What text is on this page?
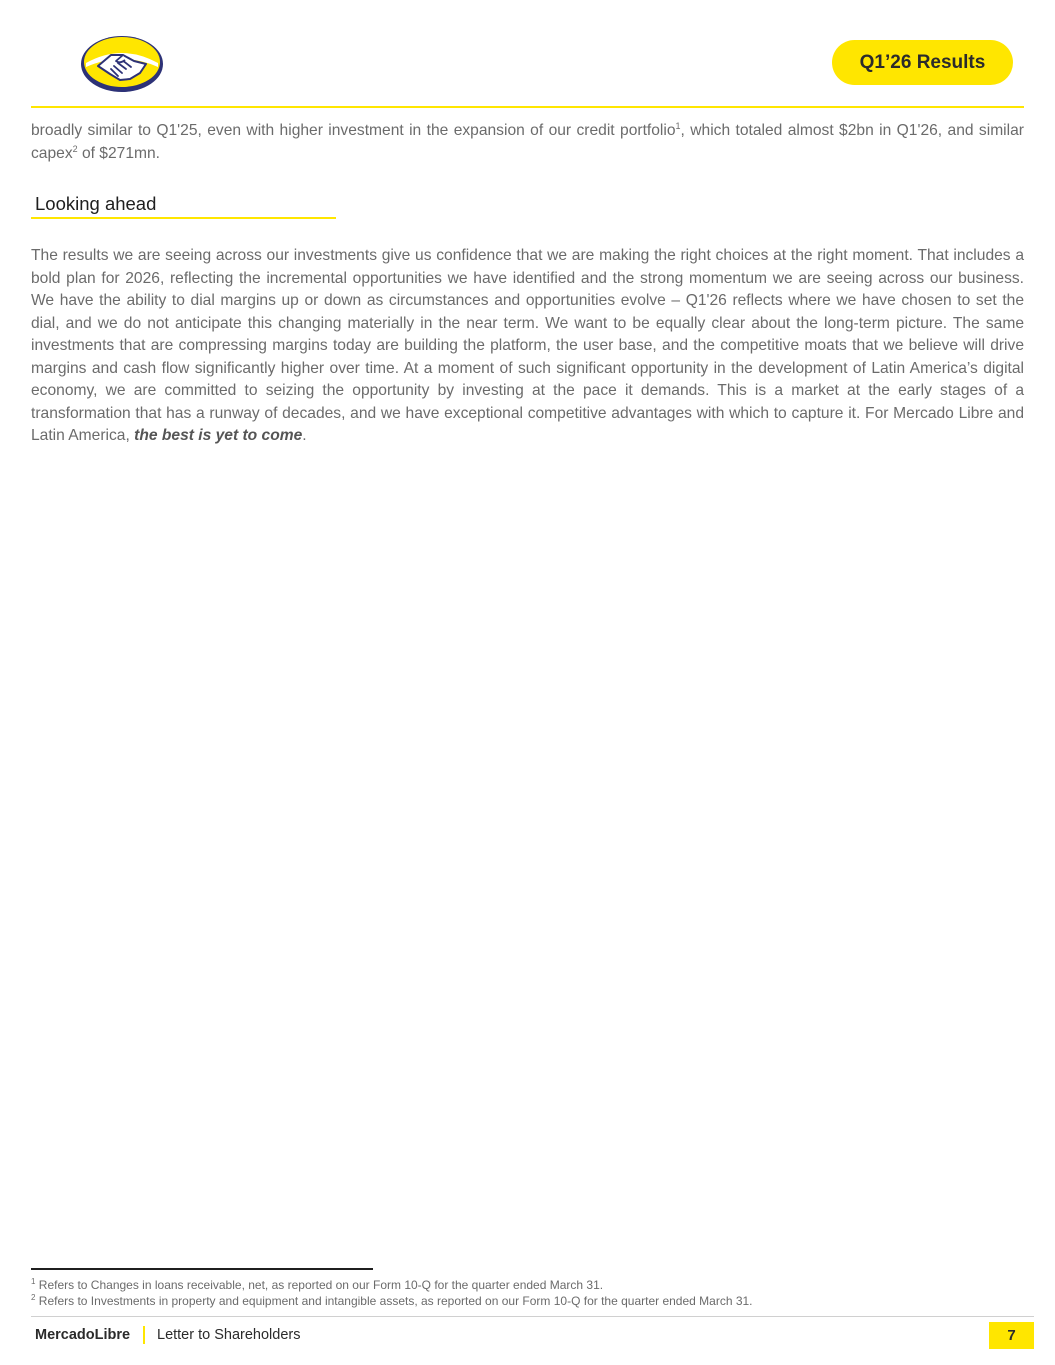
Q1’26 Results

broadly similar to Q1'25, even with higher investment in the expansion of our credit portfolio$^1$, which totaled almost $2bn in Q1'26, and similar capex$^2$ of $271mn.

Looking ahead

The results we are seeing across our investments give us confidence that we are making the right choices at the right moment. That includes a bold plan for 2026, reflecting the incremental opportunities we have identified and the strong momentum we are seeing across our business. We have the ability to dial margins up or down as circumstances and opportunities evolve – Q1'26 reflects where we have chosen to set the dial, and we do not anticipate this changing materially in the near term. We want to be equally clear about the long-term picture. The same investments that are compressing margins today are building the platform, the user base, and the competitive moats that we believe will drive margins and cash flow significantly higher over time. At a moment of such significant opportunity in the development of Latin America’s digital economy, we are committed to seizing the opportunity by investing at the pace it demands. This is a market at the early stages of a transformation that has a runway of decades, and we have exceptional competitive advantages with which to capture it. For Mercado Libre and Latin America, the best is yet to come.

$^1$ Refers to Changes in loans receivable, net, as reported on our Form 10-Q for the quarter ended March 31.

$^2$ Refers to Investments in property and equipment and intangible assets, as reported on our Form 10-Q for the quarter ended March 31.

MercadoLibre Letter to Shareholders	7
